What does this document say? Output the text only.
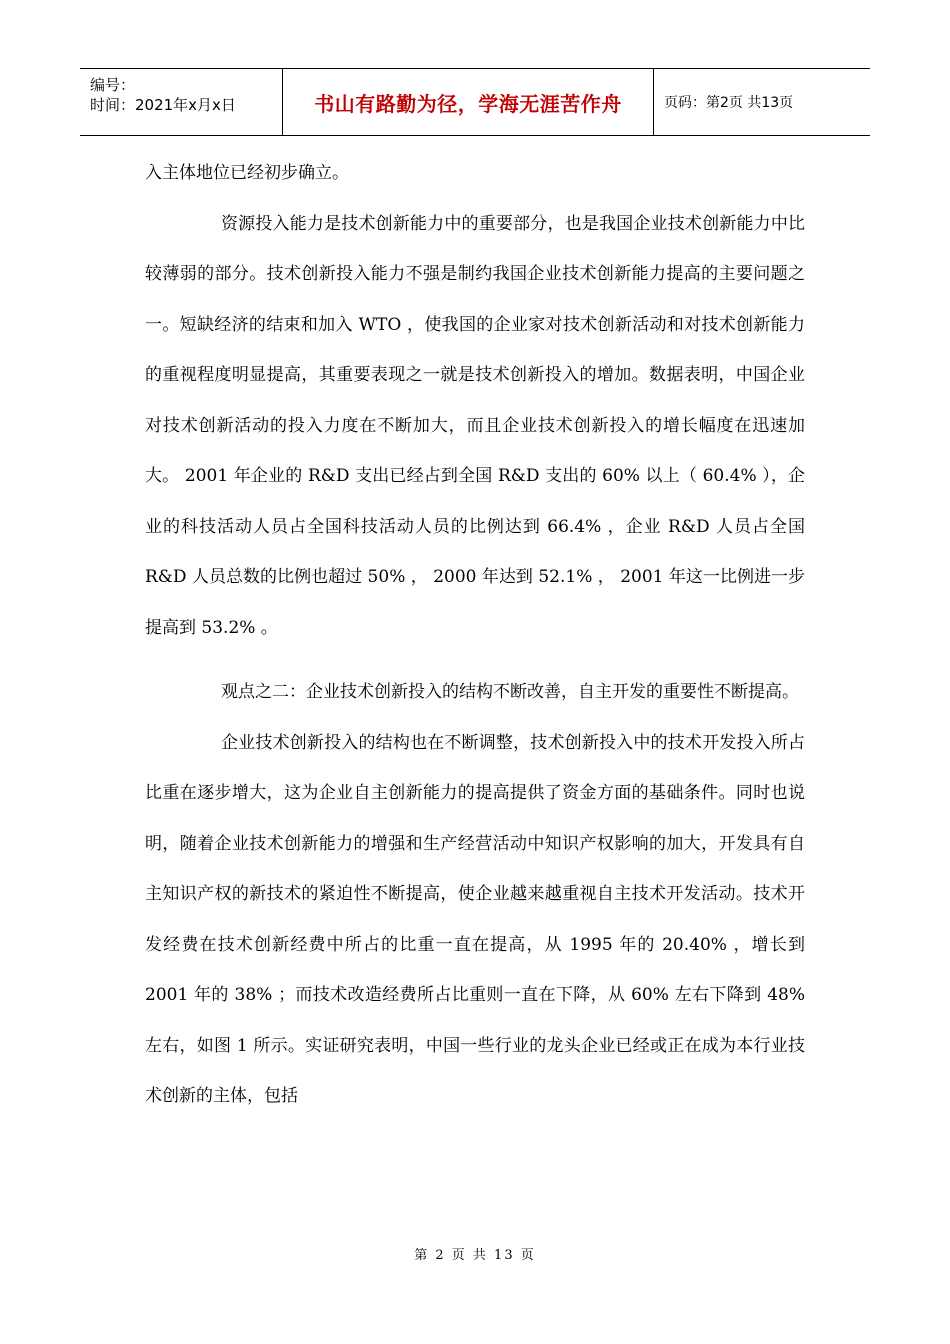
编号：
时间：2021年x月x日	书山有路勤为径，学海无涯苦作舟	页码：第2页 共13页

入主体地位已经初步确立。

资源投入能力是技术创新能力中的重要部分，也是我国企业技术创新能力中比较薄弱的部分。技术创新投入能力不强是制约我国企业技术创新能力提高的主要问题之一。短缺经济的结束和加入 WTO ，使我国的企业家对技术创新活动和对技术创新能力的重视程度明显提高，其重要表现之一就是技术创新投入的增加。数据表明，中国企业对技术创新活动的投入力度在不断加大，而且企业技术创新投入的增长幅度在迅速加大。 2001 年企业的 R&D 支出已经占到全国 R&D 支出的 60% 以上（ 60.4% ），企业的科技活动人员占全国科技活动人员的比例达到 66.4% ，企业 R&D 人员占全国 R&D 人员总数的比例也超过 50% ， 2000 年达到 52.1% ， 2001 年这一比例进一步提高到 53.2% 。

观点之二：企业技术创新投入的结构不断改善，自主开发的重要性不断提高。

企业技术创新投入的结构也在不断调整，技术创新投入中的技术开发投入所占比重在逐步增大，这为企业自主创新能力的提高提供了资金方面的基础条件。同时也说明，随着企业技术创新能力的增强和生产经营活动中知识产权影响的加大，开发具有自主知识产权的新技术的紧迫性不断提高，使企业越来越重视自主技术开发活动。技术开发经费在技术创新经费中所占的比重一直在提高，从 1995 年的 20.40% ，增长到 2001 年的 38% ；而技术改造经费所占比重则一直在下降，从 60% 左右下降到 48% 左右，如图 1 所示。实证研究表明，中国一些行业的龙头企业已经或正在成为本行业技术创新的主体，包括

第 2 页 共 13 页
